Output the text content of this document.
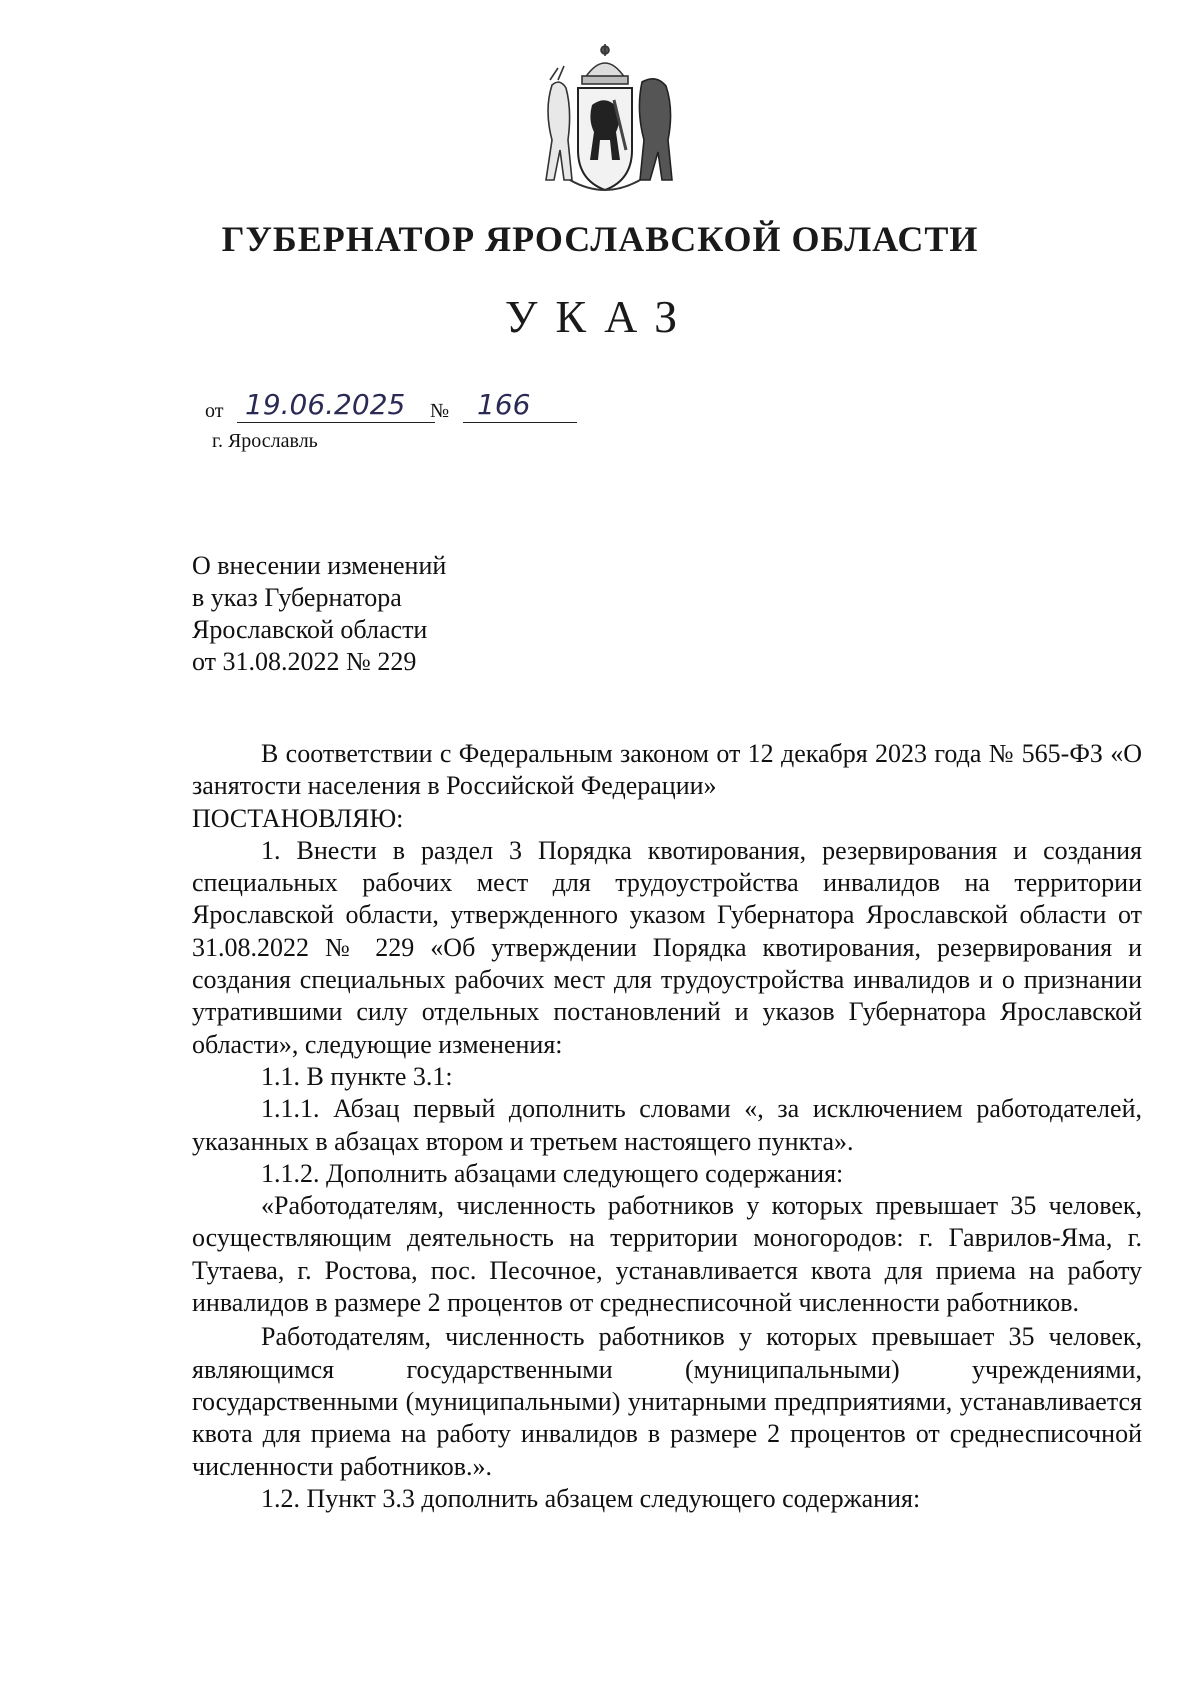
ГУБЕРНАТОР ЯРОСЛАВСКОЙ ОБЛАСТИ
УКАЗ
от 19.06.2025	№ 166
г. Ярославль
О внесении изменений
в указ Губернатора
Ярославской области
от 31.08.2022 № 229

В соответствии с Федеральным законом от 12 декабря 2023 года № 565-ФЗ «О занятости населения в Российской Федерации»

ПОСТАНОВЛЯЮ:

1. Внести в раздел 3 Порядка квотирования, резервирования и создания специальных рабочих мест для трудоустройства инвалидов на территории Ярославской области, утвержденного указом Губернатора Ярославской области от 31.08.2022 № 229 «Об утверждении Порядка квотирования, резервирования и создания специальных рабочих мест для трудоустройства инвалидов и о признании утратившими силу отдельных постановлений и указов Губернатора Ярославской области», следующие изменения:

1.1. В пункте 3.1:

1.1.1. Абзац первый дополнить словами «, за исключением работодателей, указанных в абзацах втором и третьем настоящего пункта».

1.1.2. Дополнить абзацами следующего содержания:

«Работодателям, численность работников у которых превышает 35 человек, осуществляющим деятельность на территории моногородов: г. Гаврилов-Яма, г. Тутаева, г. Ростова, пос. Песочное, устанавливается квота для приема на работу инвалидов в размере 2 процентов от среднесписочной численности работников.

Работодателям, численность работников у которых превышает 35 человек, являющимся государственными (муниципальными) учреждениями, государственными (муниципальными) унитарными предприятиями, устанавливается квота для приема на работу инвалидов в размере 2 процентов от среднесписочной численности работников.».

1.2. Пункт 3.3 дополнить абзацем следующего содержания:
